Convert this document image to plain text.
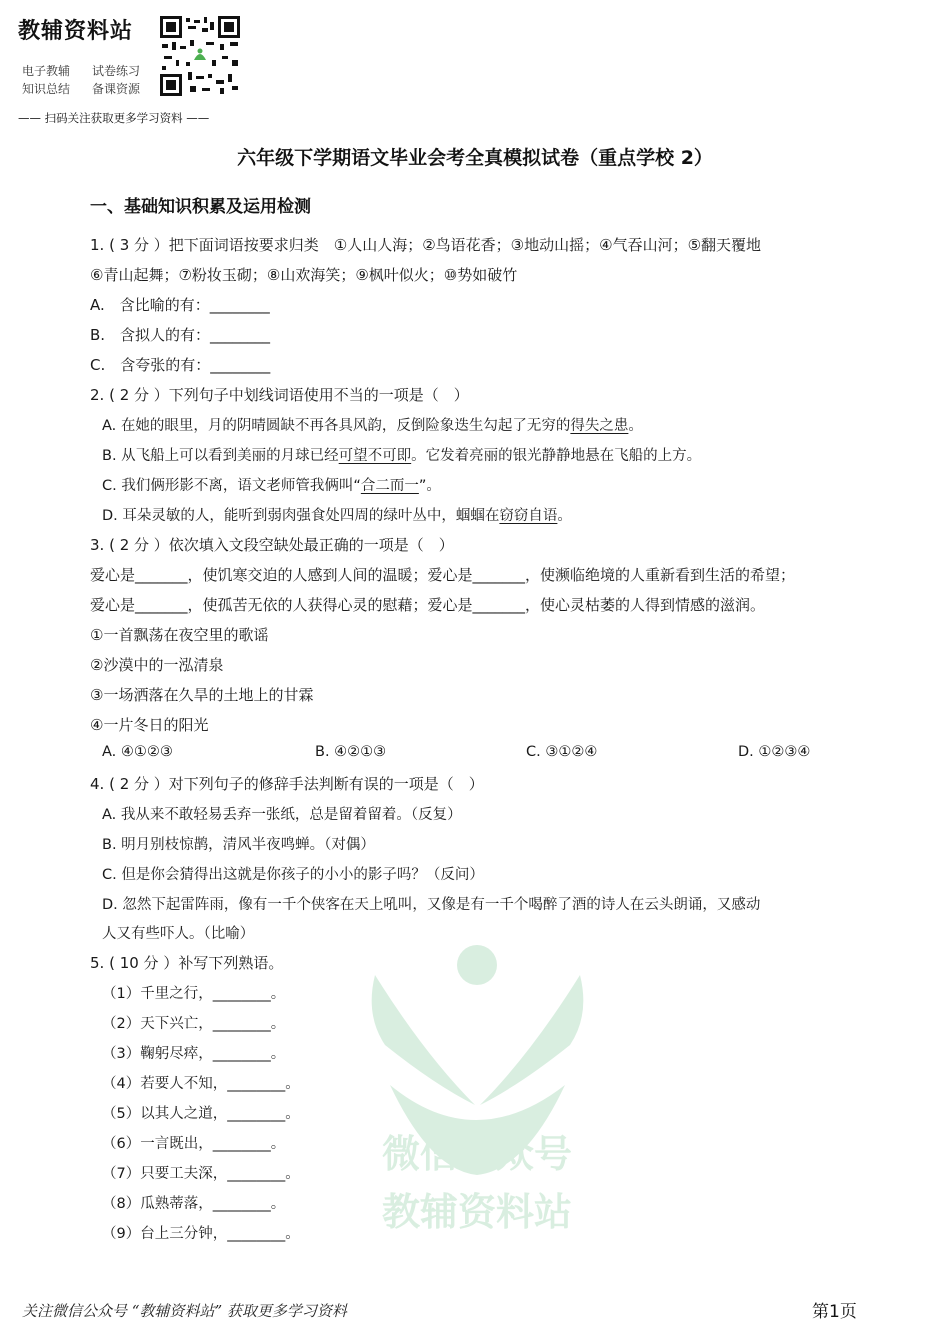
教辅资料站
电子教辅 试卷练习
知识总结 备课资源
—— 扫码关注获取更多学习资料 ——
六年级下学期语文毕业会考全真模拟试卷（重点学校 2）
一、基础知识积累及运用检测
1. ( 3 分 ）把下面词语按要求归类　①人山人海；②鸟语花香；③地动山摇；④气吞山河；⑤翻天覆地
⑥青山起舞；⑦粉妆玉砌；⑧山欢海笑；⑨枫叶似火；⑩势如破竹
A.　含比喻的有：________
B.　含拟人的有：________
C.　含夸张的有：________
2. ( 2 分 ）下列句子中划线词语使用不当的一项是（　）
A. 在她的眼里，月的阴晴圆缺不再各具风韵，反倒险象迭生勾起了无穷的得失之患。
B. 从飞船上可以看到美丽的月球已经可望不可即。它发着亮丽的银光静静地悬在飞船的上方。
C. 我们俩形影不离，语文老师管我俩叫“合二而一”。
D. 耳朵灵敏的人，能听到弱肉强食处四周的绿叶丛中，蝈蝈在窃窃自语。
3. ( 2 分 ）依次填入文段空缺处最正确的一项是（　）
爱心是_______，使饥寒交迫的人感到人间的温暖；爱心是_______，使濒临绝境的人重新看到生活的希望；
爱心是_______，使孤苦无依的人获得心灵的慰藉；爱心是_______，使心灵枯萎的人得到情感的滋润。
①一首飘荡在夜空里的歌谣
②沙漠中的一泓清泉
③一场洒落在久旱的土地上的甘霖
④一片冬日的阳光
A. ④①②③	B. ④②①③	C. ③①②④	D. ①②③④
4. ( 2 分 ）对下列句子的修辞手法判断有误的一项是（　）
A. 我从来不敢轻易丢弃一张纸，总是留着留着。（反复）
B. 明月别枝惊鹊，清风半夜鸣蝉。（对偶）
C. 但是你会猜得出这就是你孩子的小小的影子吗？（反问）
D. 忽然下起雷阵雨，像有一千个侠客在天上吼叫，又像是有一千个喝醉了酒的诗人在云头朗诵，又感动
人又有些吓人。（比喻）
微信公众号
教辅资料站
5. ( 10 分 ）补写下列熟语。
（1）千里之行，________。
（2）天下兴亡，________。
（3）鞠躬尽瘁，________。
（4）若要人不知，________。
（5）以其人之道，________。
（6）一言既出，________。
（7）只要工夫深，________。
（8）瓜熟蒂落，________。
（9）台上三分钟，________。
关注微信公众号 “教辅资料站” 获取更多学习资料	第1页
